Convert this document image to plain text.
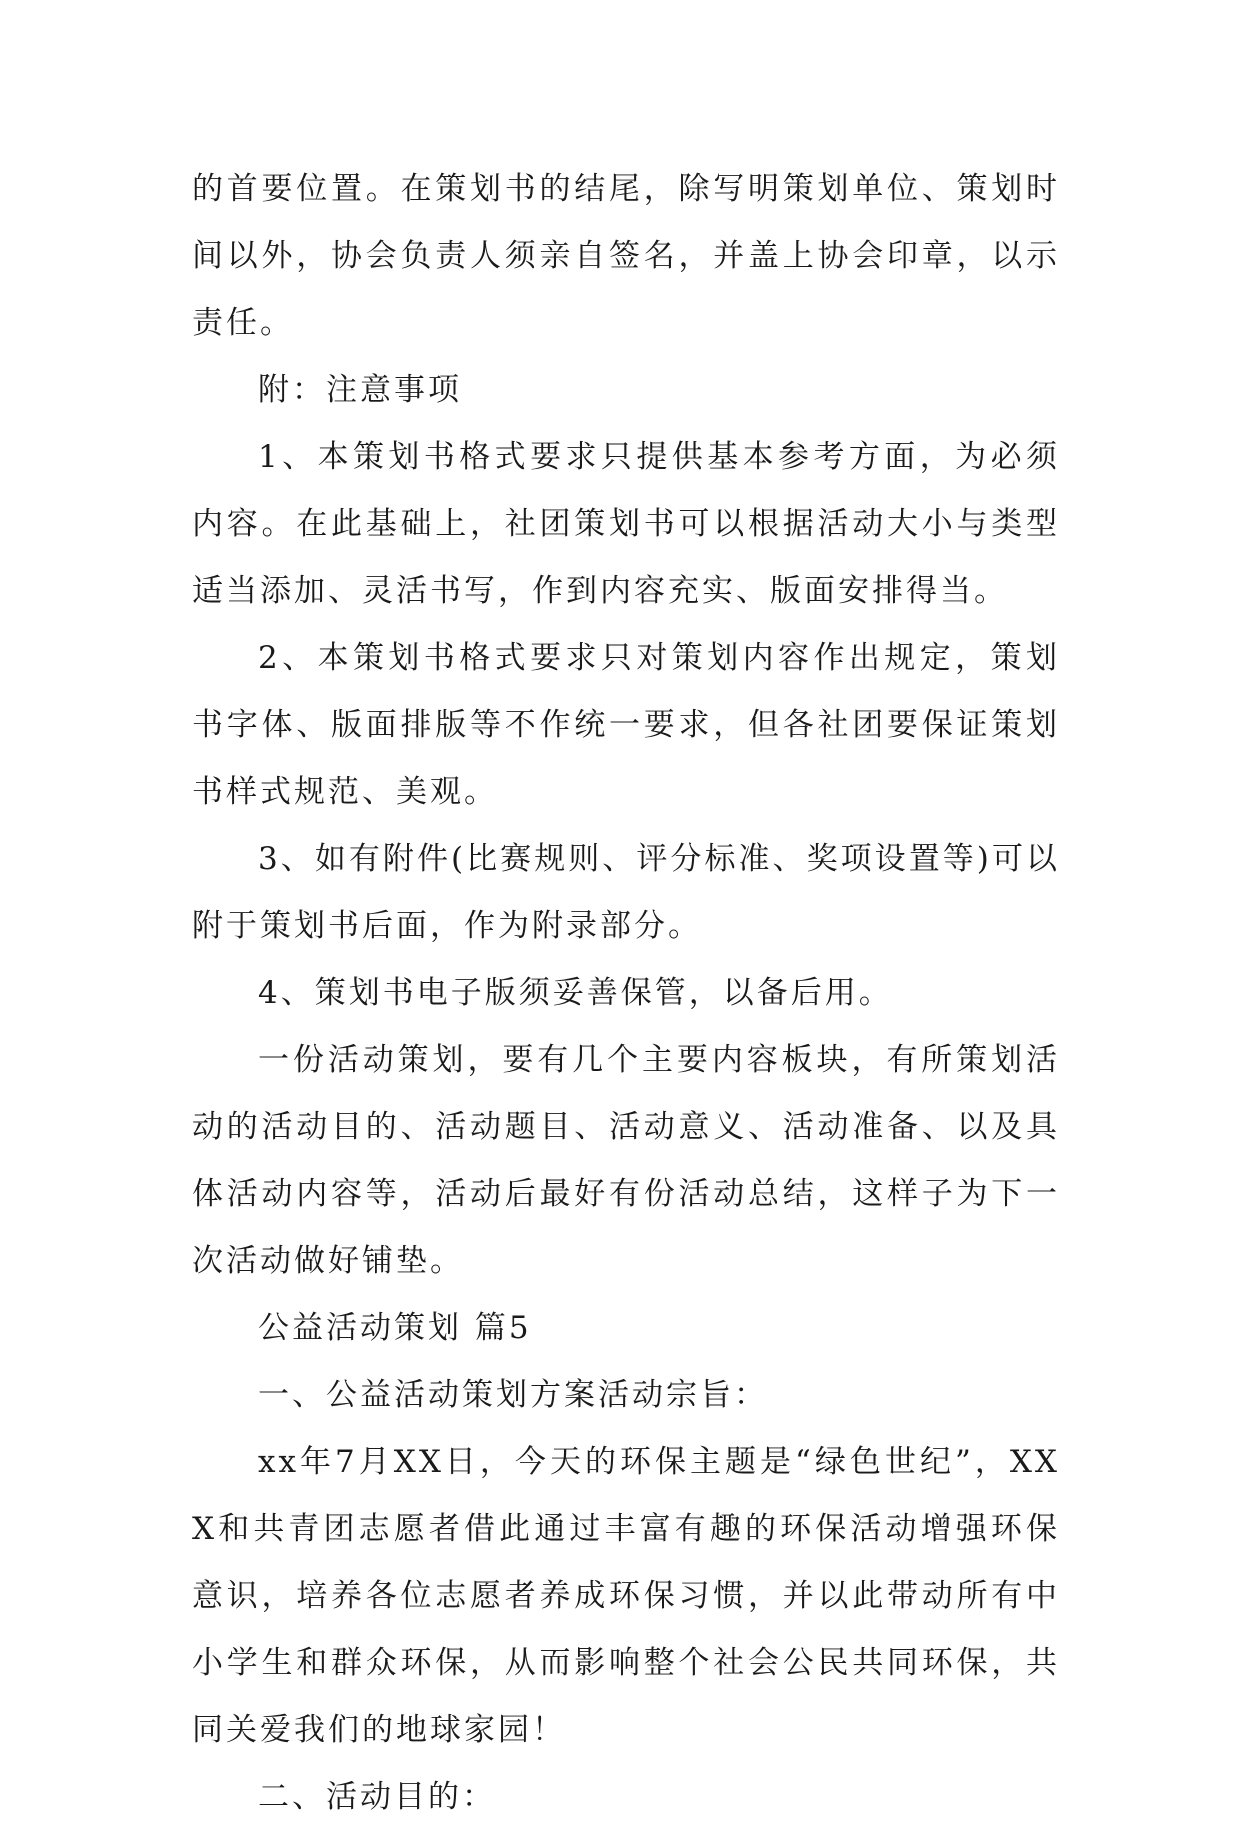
的首要位置。在策划书的结尾，除写明策划单位、策划时间以外，协会负责人须亲自签名，并盖上协会印章，以示责任。

附：注意事项

1、本策划书格式要求只提供基本参考方面，为必须内容。在此基础上，社团策划书可以根据活动大小与类型适当添加、灵活书写，作到内容充实、版面安排得当。

2、本策划书格式要求只对策划内容作出规定，策划书字体、版面排版等不作统一要求，但各社团要保证策划书样式规范、美观。

3、如有附件(比赛规则、评分标准、奖项设置等)可以附于策划书后面，作为附录部分。

4、策划书电子版须妥善保管，以备后用。

一份活动策划，要有几个主要内容板块，有所策划活动的活动目的、活动题目、活动意义、活动准备、以及具体活动内容等，活动后最好有份活动总结，这样子为下一次活动做好铺垫。

公益活动策划 篇5

一、公益活动策划方案活动宗旨：

xx年7月XX日，今天的环保主题是“绿色世纪”，XXX和共青团志愿者借此通过丰富有趣的环保活动增强环保意识，培养各位志愿者养成环保习惯，并以此带动所有中小学生和群众环保，从而影响整个社会公民共同环保，共同关爱我们的地球家园！

二、活动目的：
